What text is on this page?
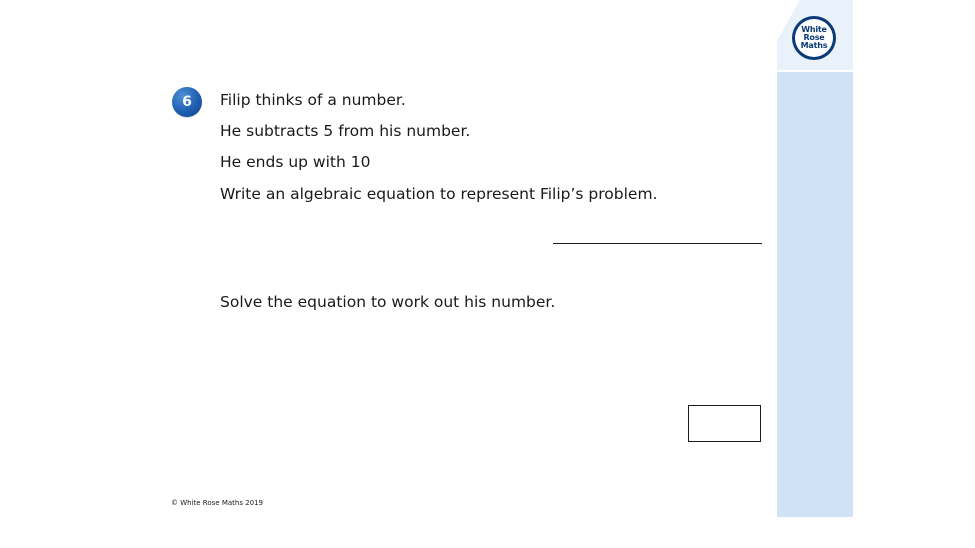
White
Rose
Maths
6 Filip thinks of a number.
He subtracts 5 from his number.
He ends up with 10
Write an algebraic equation to represent Filip’s problem.
Solve the equation to work out his number.
© White Rose Maths 2019
